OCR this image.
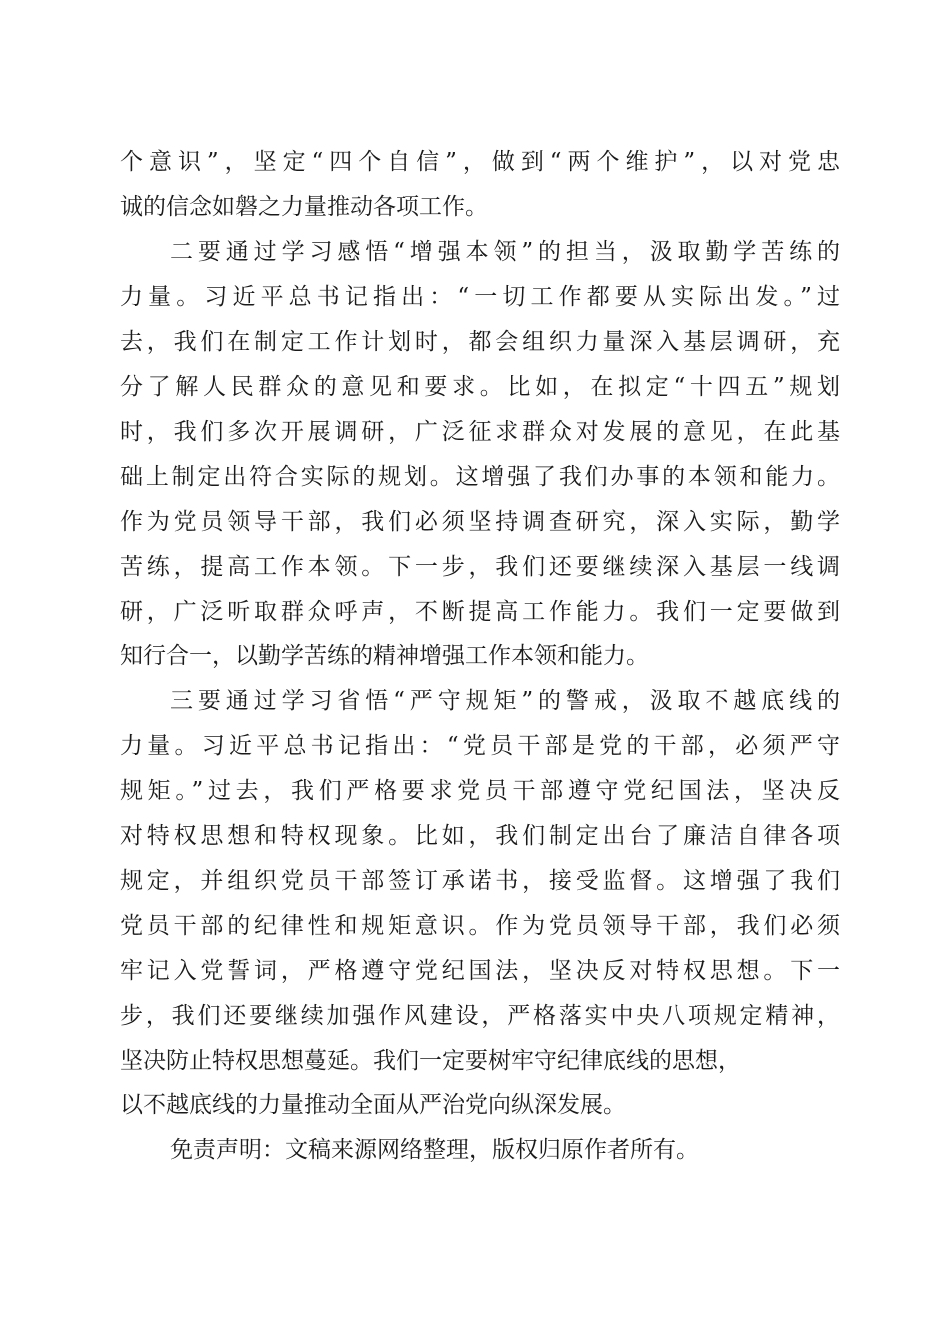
个意识”，坚定“四个自信”，做到“两个维护”，以对党忠
诚的信念如磐之力量推动各项工作。
二要通过学习感悟“增强本领”的担当，汲取勤学苦练的
力量。习近平总书记指出：“一切工作都要从实际出发。”过
去，我们在制定工作计划时，都会组织力量深入基层调研，充
分了解人民群众的意见和要求。比如，在拟定“十四五”规划
时，我们多次开展调研，广泛征求群众对发展的意见，在此基
础上制定出符合实际的规划。这增强了我们办事的本领和能力。
作为党员领导干部，我们必须坚持调查研究，深入实际，勤学
苦练，提高工作本领。下一步，我们还要继续深入基层一线调
研，广泛听取群众呼声，不断提高工作能力。我们一定要做到
知行合一，以勤学苦练的精神增强工作本领和能力。
三要通过学习省悟“严守规矩”的警戒，汲取不越底线的
力量。习近平总书记指出：“党员干部是党的干部，必须严守
规矩。”过去，我们严格要求党员干部遵守党纪国法，坚决反
对特权思想和特权现象。比如，我们制定出台了廉洁自律各项
规定，并组织党员干部签订承诺书，接受监督。这增强了我们
党员干部的纪律性和规矩意识。作为党员领导干部，我们必须
牢记入党誓词，严格遵守党纪国法，坚决反对特权思想。下一
步，我们还要继续加强作风建设，严格落实中央八项规定精神，
坚决防止特权思想蔓延。我们一定要树牢守纪律底线的思想，
以不越底线的力量推动全面从严治党向纵深发展。
免责声明：文稿来源网络整理，版权归原作者所有。
